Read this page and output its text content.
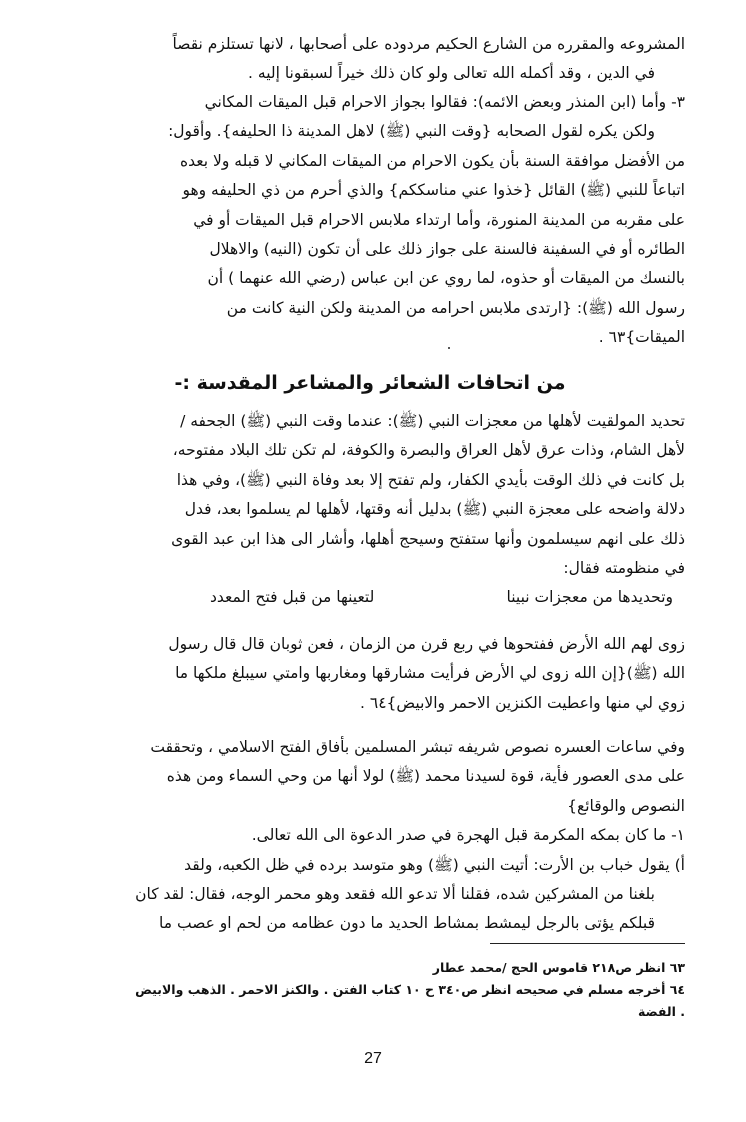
المشروعه والمقرره من الشارع الحكيم مردوده على أصحابها ، لانها تستلزم نقصاً
في الدين ، وقد أكمله الله تعالى ولو كان ذلك خيراً لسبقونا إليه .
٣- وأما (ابن المنذر وبعض الائمه): فقالوا بجواز الاحرام قبل الميقات المكاني
ولكن يكره لقول الصحابه {وقت النبي (ﷺ) لاهل المدينة ذا الحليفه}. وأقول:
من الأفضل موافقة السنة بأن يكون الاحرام من الميقات المكاني لا قبله ولا بعده
اتباعاً للنبي (ﷺ) القائل {خذوا عني مناسككم} والذي أحرم من ذي الحليفه وهو
على مقربه من المدينة المنورة، وأما ارتداء ملابس الاحرام قبل الميقات أو في
الطائره أو في السفينة فالسنة على جواز ذلك على أن تكون (النيه) والاهلال
بالنسك من الميقات أو حذوه، لما روي عن ابن عباس (رضي الله عنهما ) أن
رسول الله (ﷺ): {ارتدى ملابس احرامه من المدينة ولكن النية كانت من
الميقات}٦٣ .
من اتحافات الشعائر والمشاعر المقدسة :-
تحديد المولقيت لأهلها من معجزات النبي (ﷺ): عندما وقت النبي (ﷺ) الجحفه /
لأهل الشام، وذات عرق لأهل العراق والبصرة والكوفة، لم تكن تلك البلاد مفتوحه،
بل كانت في ذلك الوقت بأيدي الكفار، ولم تفتح إلا بعد وفاة النبي (ﷺ)، وفي هذا
دلالة واضحه على معجزة النبي (ﷺ) بدليل أنه وقتها، لأهلها لم يسلموا بعد، فدل
ذلك على انهم سيسلمون وأنها ستفتح وسيحج أهلها، وأشار الى هذا ابن عبد القوى
في منظومته فقال:
وتحديدها من معجزات نبينا
لتعينها من قبل فتح المعدد
زوى لهم الله الأرض ففتحوها في ربع قرن من الزمان ، فعن ثوبان قال قال رسول
الله (ﷺ){إن الله زوى لي الأرض فرأيت مشارقها ومغاربها وامتي سيبلغ ملكها ما
زوي لي منها واعطيت الكنزين الاحمر والابيض}٦٤ .
وفي ساعات العسره نصوص شريفه تبشر المسلمين بأفاق الفتح الاسلامي ، وتحققت
على مدى العصور فأية، قوة لسيدنا محمد (ﷺ) لولا أنها من وحي السماء ومن هذه
النصوص والوقائع}
١- ما كان بمكه المكرمة قبل الهجرة في صدر الدعوة الى الله تعالى.
أ) يقول خباب بن الأرت: أتيت النبي (ﷺ) وهو متوسد برده في ظل الكعبه، ولقد
بلغنا من المشركين شده، فقلنا ألا تدعو الله فقعد وهو محمر الوجه، فقال: لقد كان
قبلكم يؤتى بالرجل ليمشط بمشاط الحديد ما دون عظامه من لحم او عصب ما
٦٣ انظر ص٢١٨ قاموس الحج /محمد عطار
٦٤ أخرجه مسلم في صحيحه انظر ص٣٤٠ ح ١٠ كتاب الفتن . والكنز الاحمر . الذهب والابيض
. الفضة
27
